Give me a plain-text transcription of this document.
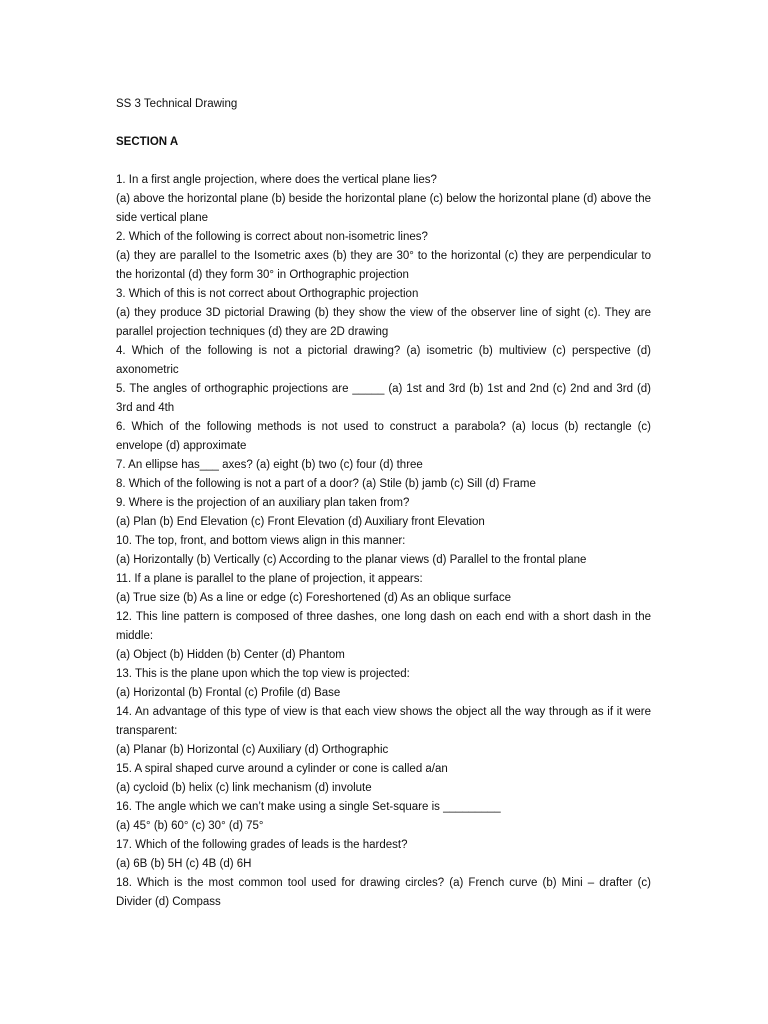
SS 3 Technical Drawing

SECTION A

1. In a first angle projection, where does the vertical plane lies?

(a) above the horizontal plane (b) beside the horizontal plane (c) below the horizontal plane (d) above the side vertical plane

2. Which of the following is correct about non-isometric lines?

(a) they are parallel to the Isometric axes (b) they are 30° to the horizontal (c) they are perpendicular to the horizontal (d) they form 30° in Orthographic projection

3. Which of this is not correct about Orthographic projection

(a) they produce 3D pictorial Drawing (b) they show the view of the observer line of sight (c). They are parallel projection techniques (d) they are 2D drawing

4. Which of the following is not a pictorial drawing? (a) isometric (b) multiview (c) perspective (d) axonometric

5. The angles of orthographic projections are _____ (a) 1st and 3rd (b) 1st and 2nd (c) 2nd and 3rd (d) 3rd and 4th

6. Which of the following methods is not used to construct a parabola? (a) locus (b) rectangle (c) envelope (d) approximate

7. An ellipse has___ axes? (a) eight (b) two (c) four (d) three

8. Which of the following is not a part of a door? (a) Stile (b) jamb (c) Sill (d) Frame

9. Where is the projection of an auxiliary plan taken from?

(a) Plan (b) End Elevation (c) Front Elevation (d) Auxiliary front Elevation

10. The top, front, and bottom views align in this manner:

(a) Horizontally (b) Vertically (c) According to the planar views (d) Parallel to the frontal plane

11. If a plane is parallel to the plane of projection, it appears:

(a) True size (b) As a line or edge (c) Foreshortened (d) As an oblique surface

12. This line pattern is composed of three dashes, one long dash on each end with a short dash in the middle:

(a) Object (b) Hidden (b) Center (d) Phantom

13. This is the plane upon which the top view is projected:

(a) Horizontal (b) Frontal (c) Profile (d) Base

14. An advantage of this type of view is that each view shows the object all the way through as if it were transparent:

(a) Planar (b) Horizontal (c) Auxiliary (d) Orthographic

15. A spiral shaped curve around a cylinder or cone is called a/an

(a) cycloid (b) helix (c) link mechanism (d) involute

16. The angle which we can’t make using a single Set-square is _________

(a) 45° (b) 60° (c) 30° (d) 75°

17. Which of the following grades of leads is the hardest?

(a) 6B (b) 5H (c) 4B (d) 6H

18. Which is the most common tool used for drawing circles? (a) French curve (b) Mini – drafter (c) Divider (d) Compass
